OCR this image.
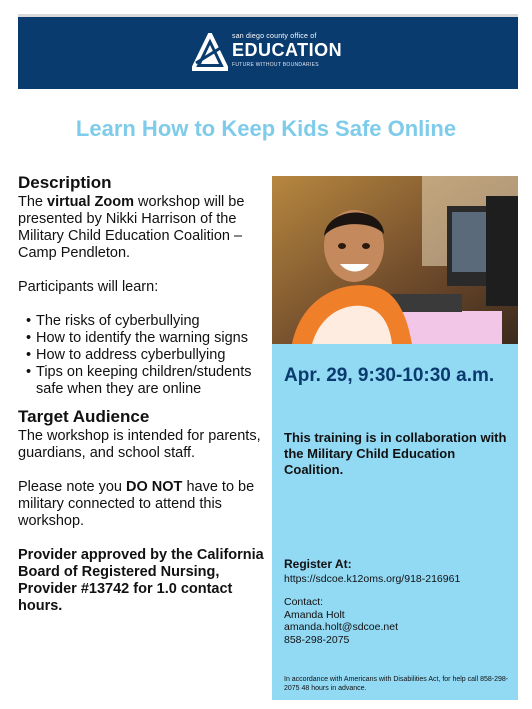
san diego county office of
EDUCATION
FUTURE WITHOUT BOUNDARIES
Learn How to Keep Kids Safe Online
Description

The virtual Zoom workshop will be presented by Nikki Harrison of the Military Child Education Coalition – Camp Pendleton.

Participants will learn:

• The risks of cyberbullying
• How to identify the warning signs
• How to address cyberbullying
• Tips on keeping children/students safe when they are online
Target Audience

The workshop is intended for parents, guardians, and school staff.

Please note you DO NOT have to be military connected to attend this workshop.

Provider approved by the California Board of Registered Nursing, Provider #13742 for 1.0 contact hours.

Apr. 29, 9:30-10:30 a.m.
This training is in collaboration with the Military Child Education Coalition.
Register At:
https://sdcoe.k12oms.org/918-216961
Contact:
Amanda Holt
amanda.holt@sdcoe.net
858-298-2075
In accordance with Americans with Disabilities Act, for help call 858-298-2075 48 hours in advance.
